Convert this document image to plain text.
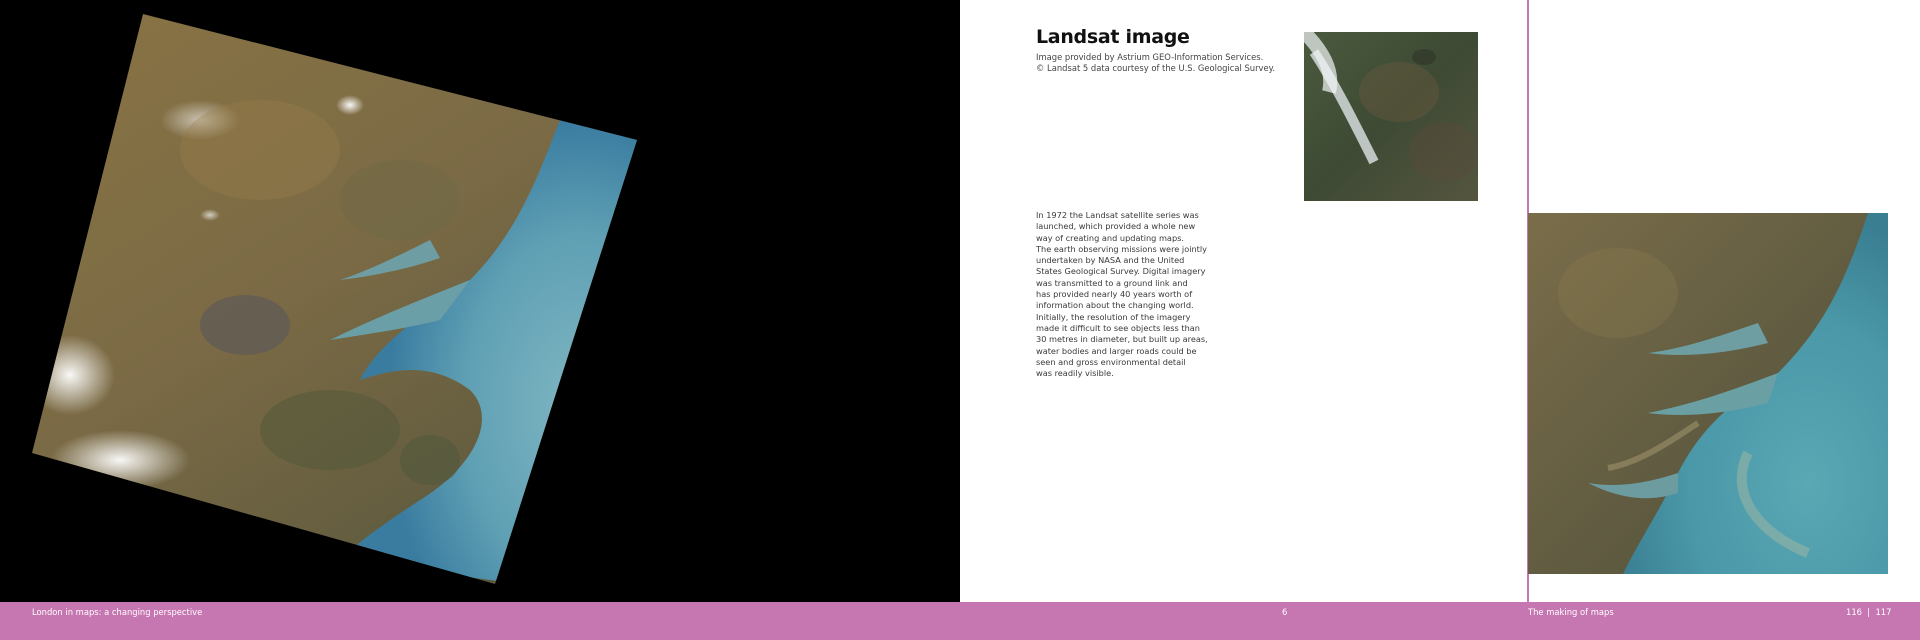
Landsat image
Image provided by Astrium GEO-Information Services.
© Landsat 5 data courtesy of the U.S. Geological Survey.
In 1972 the Landsat satellite series was
launched, which provided a whole new
way of creating and updating maps.
The earth observing missions were jointly
undertaken by NASA and the United
States Geological Survey. Digital imagery
was transmitted to a ground link and
has provided nearly 40 years worth of
information about the changing world.
Initially, the resolution of the imagery
made it difficult to see objects less than
30 metres in diameter, but built up areas,
water bodies and larger roads could be
seen and gross environmental detail
was readily visible.
London in maps: a changing perspective	6	The making of maps	116  |  117
